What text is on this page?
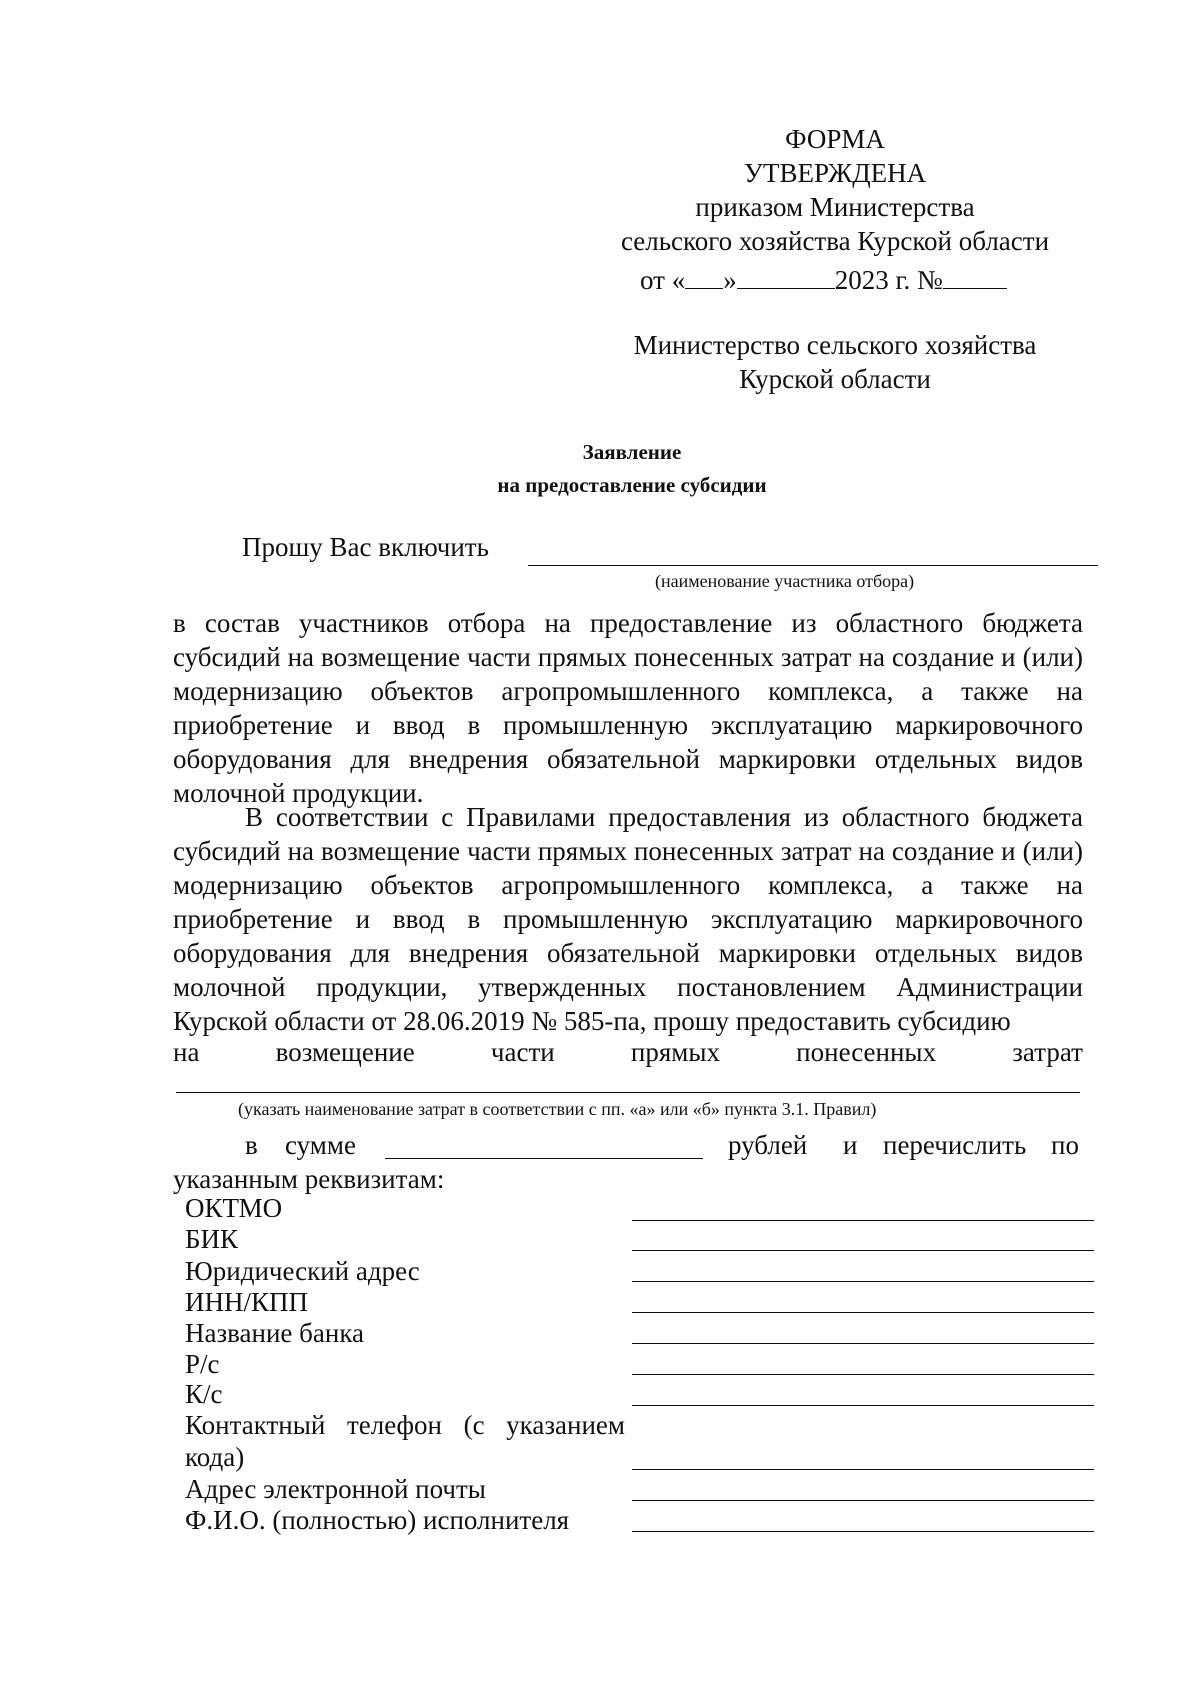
ФОРМА
УТВЕРЖДЕНА
приказом Министерства
сельского хозяйства Курской области
от « »	2023 г. №
Министерство сельского хозяйства
Курской области
Заявление
на предоставление субсидии
Прошу Вас включить
(наименование участника отбора)

в состав участников отбора на предоставление из областного бюджета субсидий на возмещение части прямых понесенных затрат на создание и (или) модернизацию объектов агропромышленного комплекса, а также на приобретение и ввод в промышленную эксплуатацию маркировочного оборудования для внедрения обязательной маркировки отдельных видов молочной продукции.

В соответствии с Правилами предоставления из областного бюджета субсидий на возмещение части прямых понесенных затрат на создание и (или) модернизацию объектов агропромышленного комплекса, а также на приобретение и ввод в промышленную эксплуатацию маркировочного оборудования для внедрения обязательной маркировки отдельных видов молочной продукции, утвержденных постановлением Администрации Курской области от 28.06.2019 № 585-па, прошу предоставить субсидию

на	возмещение	части	прямых	понесенных	затрат
(указать наименование затрат в соответствии с пп. «а» или «б» пункта 3.1. Правил)
в сумме	рублей и перечислить по
указанным реквизитам:
ОКТМО
БИК
Юридический адрес
ИНН/КПП
Название банка
Р/с
К/с
Контактный телефон (с указанием кода)
Адрес электронной почты
Ф.И.О. (полностью) исполнителя
